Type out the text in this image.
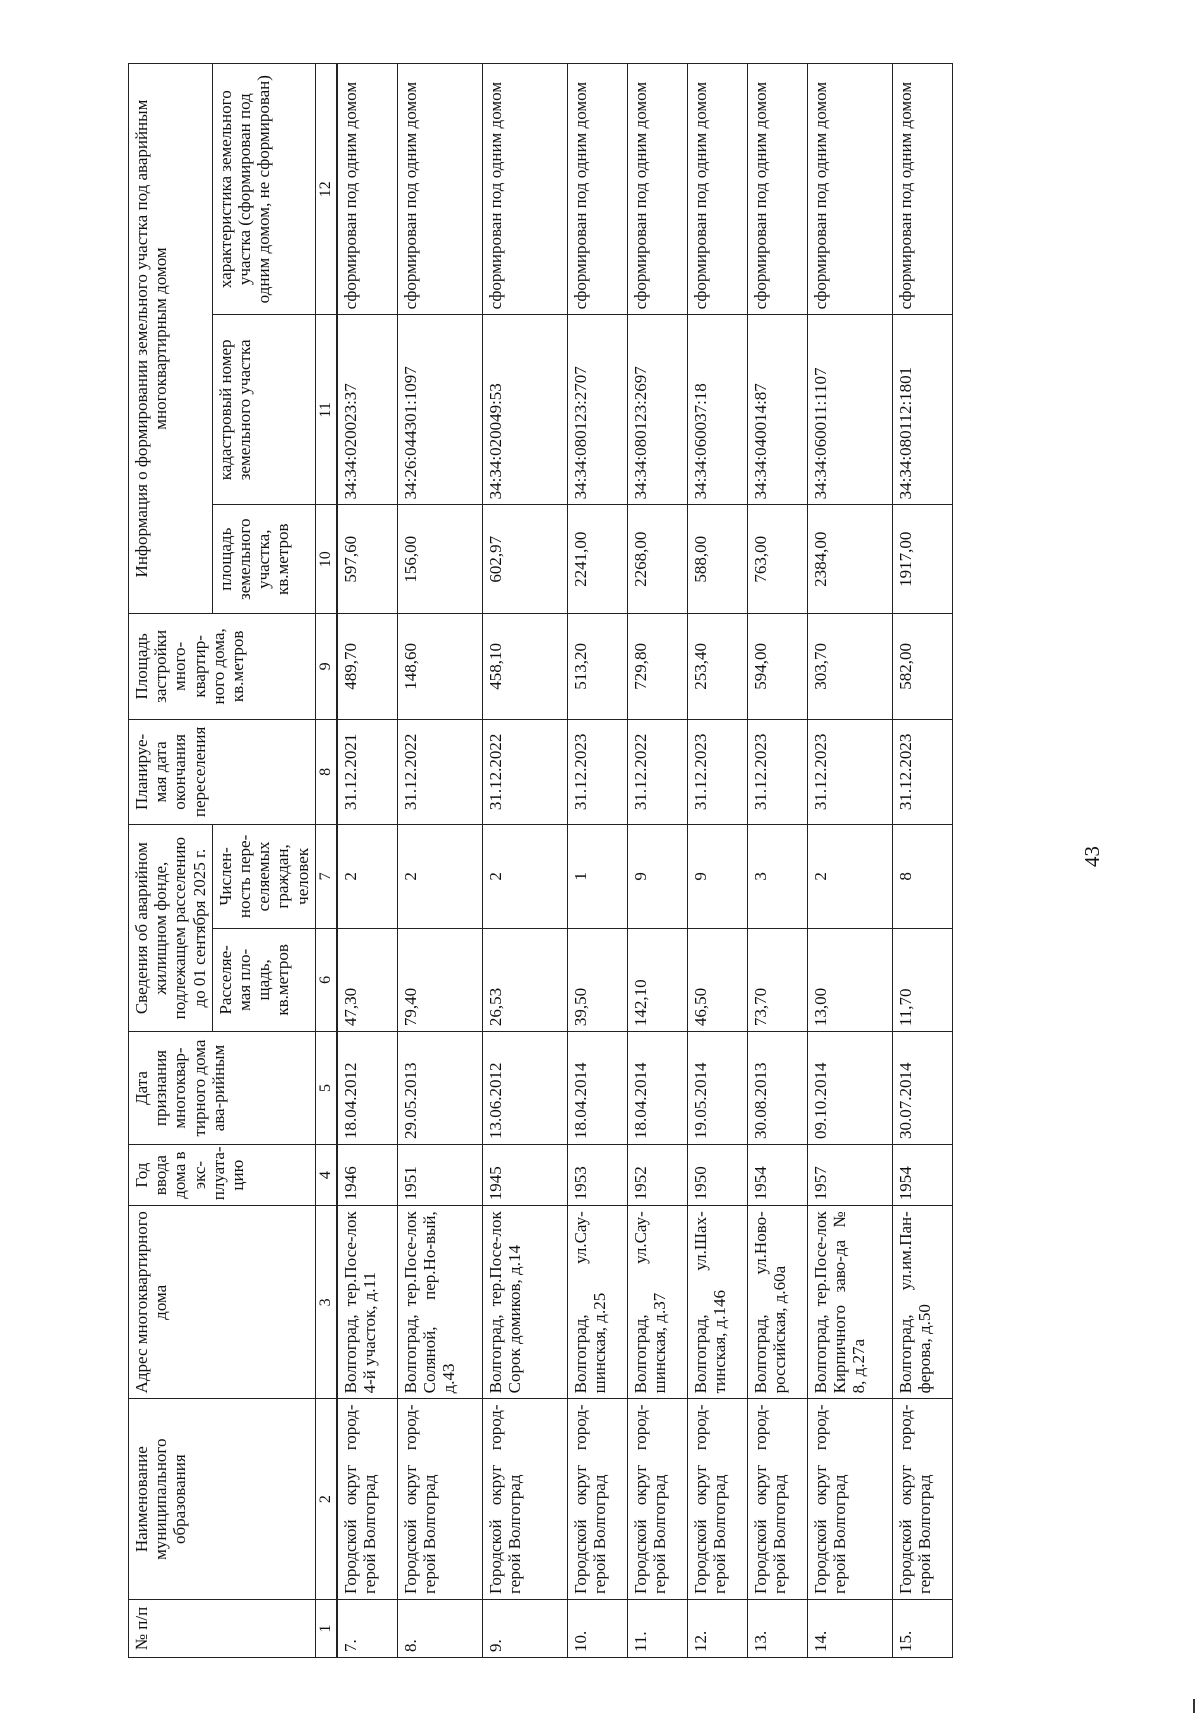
43
№ п/п	Наименование муниципального образования	Адрес многоквартирного дома	Год ввода дома в экс-плуата-цию	Дата признания многоквар-тирного дома ава-рийным	Сведения об аварийном жилищном фонде, подлежащем расселению до 01 сентября 2025 г.		Планируе-мая дата окончания переселения	Площадь застройки много-квартир-ного дома, кв.метров	Информация о формировании земельного участка под аварийным многоквартирным домом		
					Расселяе-мая пло-щадь, кв.метров	Числен-ность пере-селяемых граждан, человек			площадь земельного участка, кв.метров	кадастровый номер земельного участка	характеристика земельного участка (сформирован под одним домом, не сформирован)
1	2	3	4	5	6	7	8	9	10	11	12
7.	Городской округ город-герой Волгоград	Волгоград, тер.Посе-лок 4-й участок, д.11	1946	18.04.2012	47,30	2	31.12.2021	489,70	597,60	34:34:020023:37	сформирован под одним домом
8.	Городской округ город-герой Волгоград	Волгоград, тер.Посе-лок Соляной, пер.Но-вый, д.43	1951	29.05.2013	79,40	2	31.12.2022	148,60	156,00	34:26:044301:1097	сформирован под одним домом
9.	Городской округ город-герой Волгоград	Волгоград, тер.Посе-лок Сорок домиков, д.14	1945	13.06.2012	26,53	2	31.12.2022	458,10	602,97	34:34:020049:53	сформирован под одним домом
10.	Городской округ город-герой Волгоград	Волгоград, ул.Сау-шинская, д.25	1953	18.04.2014	39,50	1	31.12.2023	513,20	2241,00	34:34:080123:2707	сформирован под одним домом
11.	Городской округ город-герой Волгоград	Волгоград, ул.Сау-шинская, д.37	1952	18.04.2014	142,10	9	31.12.2022	729,80	2268,00	34:34:080123:2697	сформирован под одним домом
12.	Городской округ город-герой Волгоград	Волгоград, ул.Шах-тинская, д.146	1950	19.05.2014	46,50	9	31.12.2023	253,40	588,00	34:34:060037:18	сформирован под одним домом
13.	Городской округ город-герой Волгоград	Волгоград, ул.Ново-российская, д.60а	1954	30.08.2013	73,70	3	31.12.2023	594,00	763,00	34:34:040014:87	сформирован под одним домом
14.	Городской округ город-герой Волгоград	Волгоград, тер.Посе-лок Кирпичного заво-да № 8, д.27а	1957	09.10.2014	13,00	2	31.12.2023	303,70	2384,00	34:34:060011:1107	сформирован под одним домом
15.	Городской округ город-герой Волгоград	Волгоград, ул.им.Пан-ферова, д.50	1954	30.07.2014	11,70	8	31.12.2023	582,00	1917,00	34:34:080112:1801	сформирован под одним домом
